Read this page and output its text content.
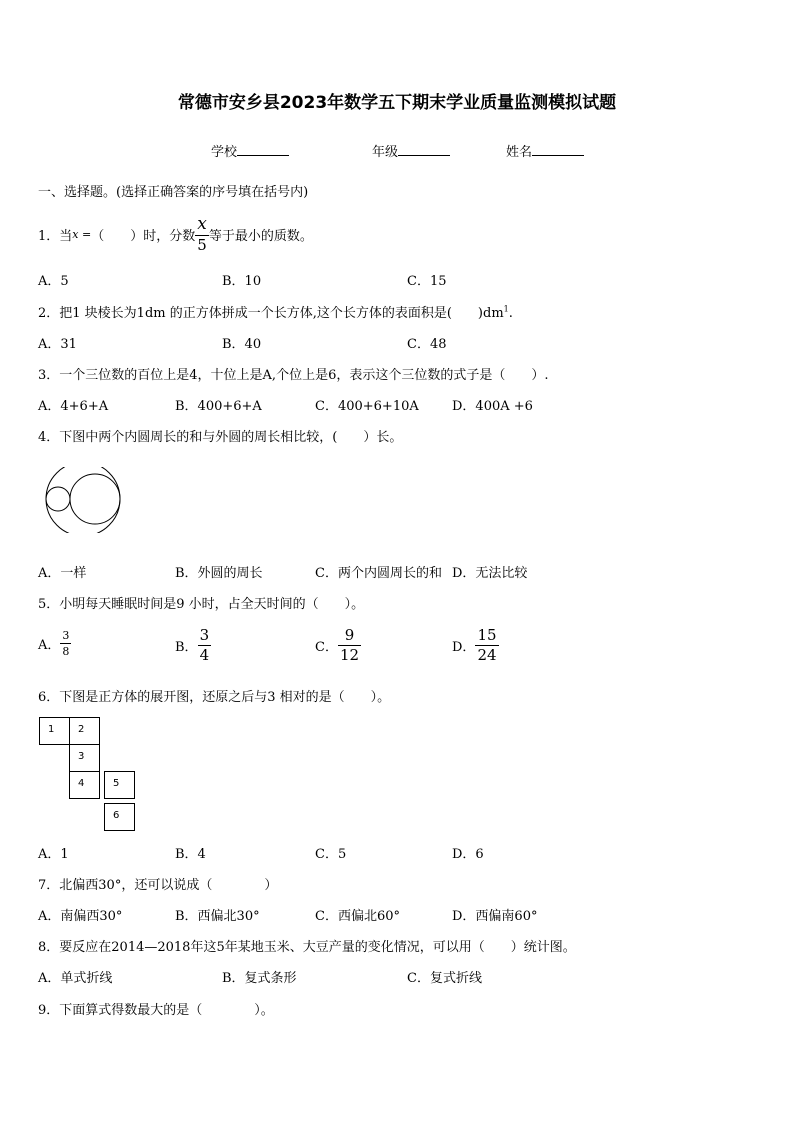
常德市安乡县2023年数学五下期末学业质量监测模拟试题
学校	年级	姓名
一、选择题。(选择正确答案的序号填在括号内)
1．当 x = （　　）时，分数 $\frac{x}{5}$ 等于最小的质数。
A．5	B．10	C．15
2．把1 块棱长为1dm 的正方体拼成一个长方体,这个长方体的表面积是(　　)$dm^1$.
A．31	B．40	C．48
3．一个三位数的百位上是4，十位上是A,个位上是6，表示这个三位数的式子是（　　）.
A．4+6+A	B．400+6+A	C．400+6+10A	D．400A +6
4．下图中两个内圆周长的和与外圆的周长相比较，(　　）长。
A．一样	B．外圆的周长	C．两个内圆周长的和 D．无法比较
5．小明每天睡眠时间是9 小时，占全天时间的（　　）。
A． $\frac{3}{8}$	B． $\frac{3}{4}$	C． $\frac{9}{12}$	D． $\frac{15}{24}$
6．下图是正方体的展开图，还原之后与3 相对的是（　　）。
1	2
3
4	5
6
A．1	B．4	C．5	D．6
7．北偏西30°，还可以说成（　　　　）
A．南偏西30°	B．西偏北30°	C．西偏北60°	D．西偏南60°
8．要反应在2014—2018年这5年某地玉米、大豆产量的变化情况，可以用（　　）统计图。
A．单式折线	B．复式条形	C．复式折线
9．下面算式得数最大的是（　　　　）。
